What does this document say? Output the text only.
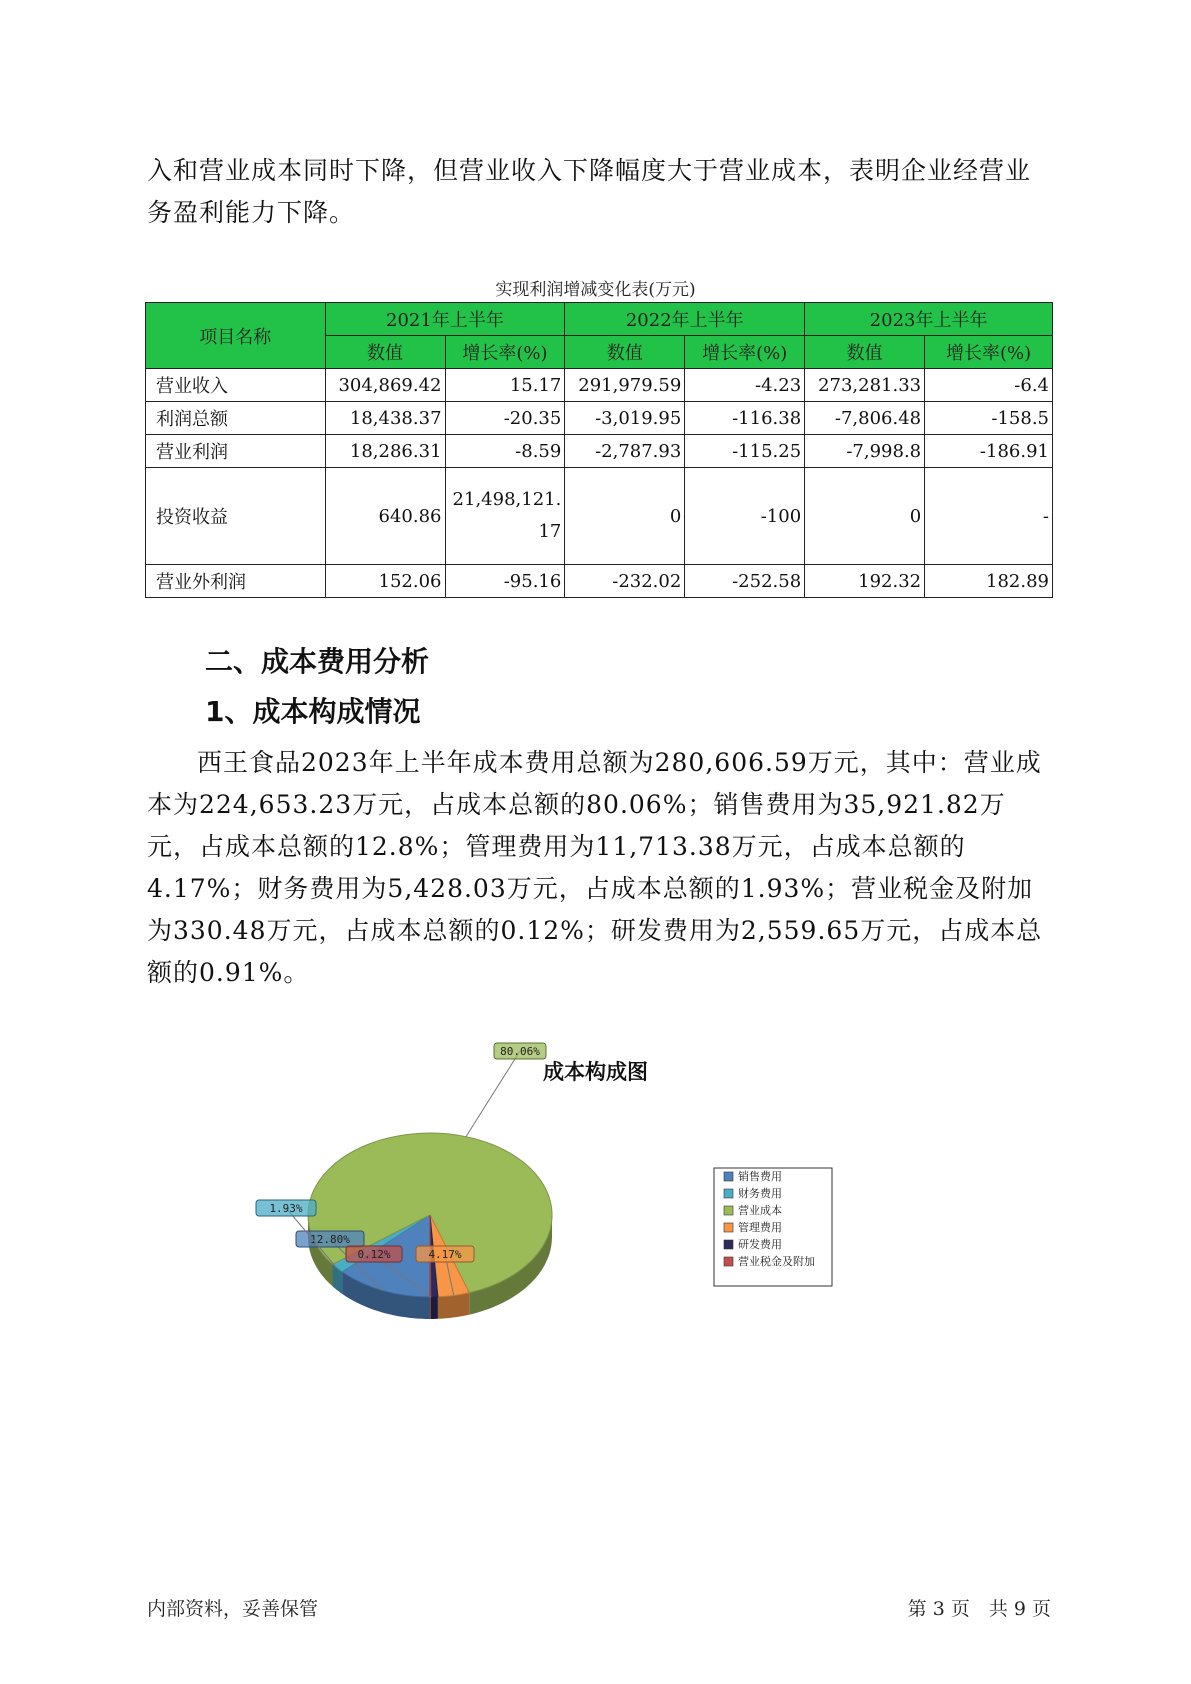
入和营业成本同时下降，但营业收入下降幅度大于营业成本，表明企业经营业务盈利能力下降。
实现利润增减变化表(万元)
项目名称	2021年上半年		2022年上半年		2023年上半年	
	数值	增长率(%)	数值	增长率(%)	数值	增长率(%)
营业收入	304,869.42	15.17	291,979.59	-4.23	273,281.33	-6.4
利润总额	18,438.37	-20.35	-3,019.95	-116.38	-7,806.48	-158.5
营业利润	18,286.31	-8.59	-2,787.93	-115.25	-7,998.8	-186.91
投资收益	640.86	21,498,121.17	0	-100	0	-
营业外利润	152.06	-95.16	-232.02	-252.58	192.32	182.89
二、成本费用分析
1、成本构成情况
西王食品2023年上半年成本费用总额为280,606.59万元，其中：营业成本为224,653.23万元，占成本总额的80.06%；销售费用为35,921.82万元，占成本总额的12.8%；管理费用为11,713.38万元，占成本总额的4.17%；财务费用为5,428.03万元，占成本总额的1.93%；营业税金及附加为330.48万元，占成本总额的0.12%；研发费用为2,559.65万元，占成本总额的0.91%。
成本构成图
12.80%
1.93%
80.06%
4.17%
0.12%
销售费用
财务费用
营业成本
管理费用
研发费用
营业税金及附加
内部资料，妥善保管	第 3 页　共 9 页
